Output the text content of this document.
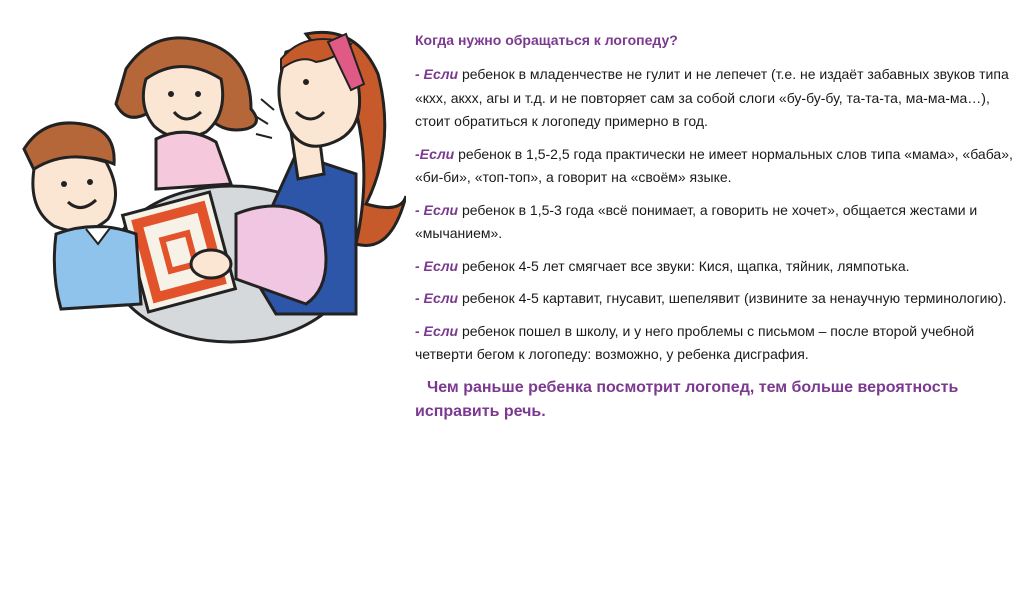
Когда нужно обращаться к логопеду?

- Если ребенок в младенчестве не гулит и не лепечет (т.е. не издаёт забавных звуков типа «кхх, акхх, агы и т.д. и не повторяет сам за собой слоги «бу-бу-бу, та-та-та, ма-ма-ма…), стоит обратиться к логопеду примерно в год.

-Если ребенок в 1,5-2,5 года практически не имеет нормальных слов типа «мама», «баба», «би-би», «топ-топ», а говорит на «своём» языке.

- Если ребенок в 1,5-3 года «всё понимает, а говорить не хочет», общается жестами и «мычанием».

- Если ребенок 4-5 лет смягчает все звуки: Кися, щапка, тяйник, лямпотька.

- Если ребенок 4-5 картавит, гнусавит, шепелявит (извините за ненаучную терминологию).

- Если ребенок пошел в школу, и у него проблемы с письмом – после второй учебной четверти бегом к логопеду: возможно, у ребенка дисграфия.

Чем раньше ребенка посмотрит логопед, тем больше вероятность исправить речь.
